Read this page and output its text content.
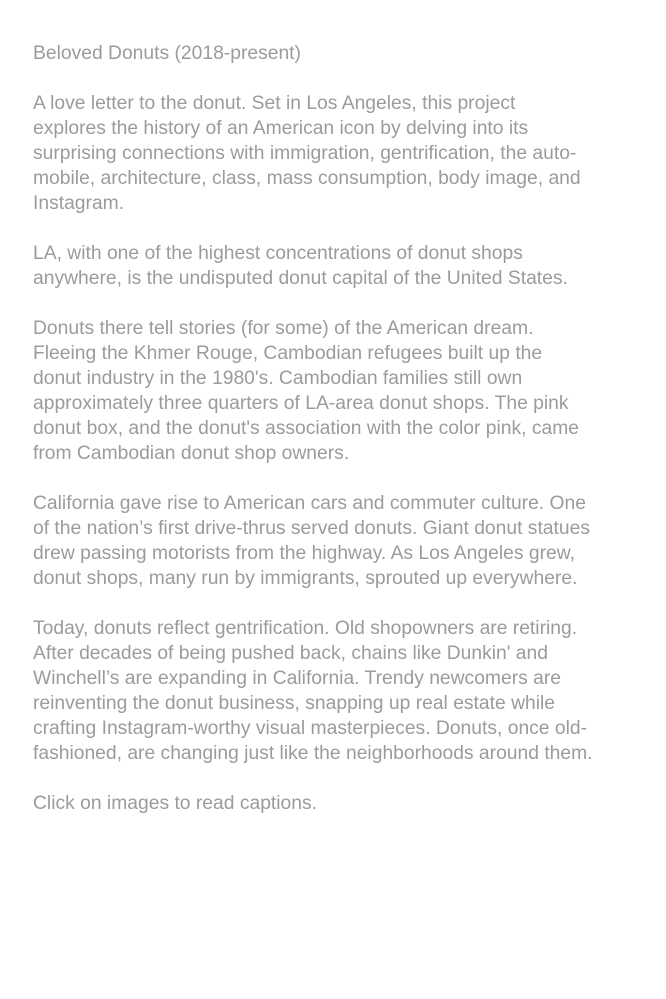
Beloved Donuts (2018-present)

A love letter to the donut. Set in Los Angeles, this project
explores the history of an American icon by delving into its
surprising connections with immigration, gentrification, the auto-
mobile, architecture, class, mass consumption, body image, and
Instagram.

LA, with one of the highest concentrations of donut shops
anywhere, is the undisputed donut capital of the United States.

Donuts there tell stories (for some) of the American dream.
Fleeing the Khmer Rouge, Cambodian refugees built up the
donut industry in the 1980's. Cambodian families still own
approximately three quarters of LA-area donut shops. The pink
donut box, and the donut's association with the color pink, came
from Cambodian donut shop owners.

California gave rise to American cars and commuter culture. One
of the nation’s first drive-thrus served donuts. Giant donut statues
drew passing motorists from the highway. As Los Angeles grew,
donut shops, many run by immigrants, sprouted up everywhere.

Today, donuts reflect gentrification. Old shopowners are retiring.
After decades of being pushed back, chains like Dunkin' and
Winchell’s are expanding in California. Trendy newcomers are
reinventing the donut business, snapping up real estate while
crafting Instagram-worthy visual masterpieces. Donuts, once old-
fashioned, are changing just like the neighborhoods around them.

Click on images to read captions.
